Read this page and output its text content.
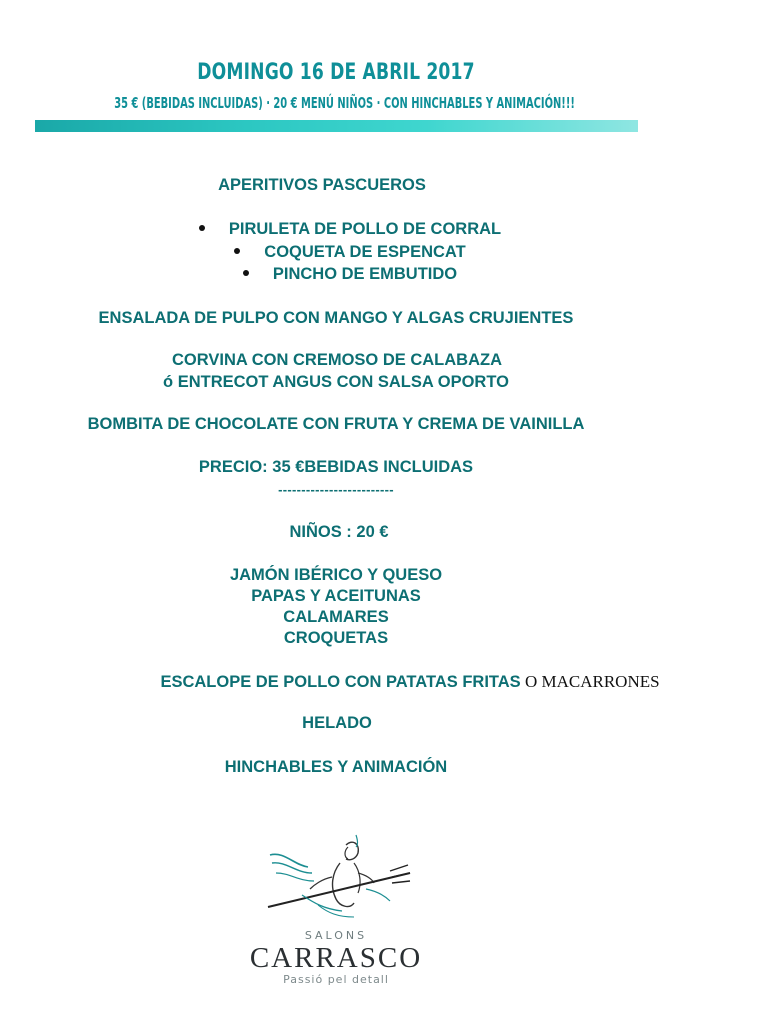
DOMINGO 16 DE ABRIL 2017
35 € (BEBIDAS INCLUIDAS) · 20 € MENÚ NIÑOS · CON HINCHABLES Y ANIMACIÓN!!!
APERITIVOS PASCUEROS
PIRULETA DE POLLO DE CORRAL
COQUETA DE ESPENCAT
PINCHO DE EMBUTIDO
ENSALADA DE PULPO CON MANGO Y ALGAS CRUJIENTES
CORVINA CON CREMOSO DE CALABAZA
ó ENTRECOT ANGUS CON SALSA OPORTO
BOMBITA DE CHOCOLATE CON FRUTA Y CREMA DE VAINILLA
PRECIO: 35 €BEBIDAS INCLUIDAS
-------------------------
NIÑOS : 20 €
JAMÓN IBÉRICO Y QUESO
PAPAS Y ACEITUNAS
CALAMARES
CROQUETAS
ESCALOPE DE POLLO CON PATATAS FRITAS O MACARRONES
HELADO
HINCHABLES Y ANIMACIÓN
SALONS
CARRASCO
Passió pel detall
